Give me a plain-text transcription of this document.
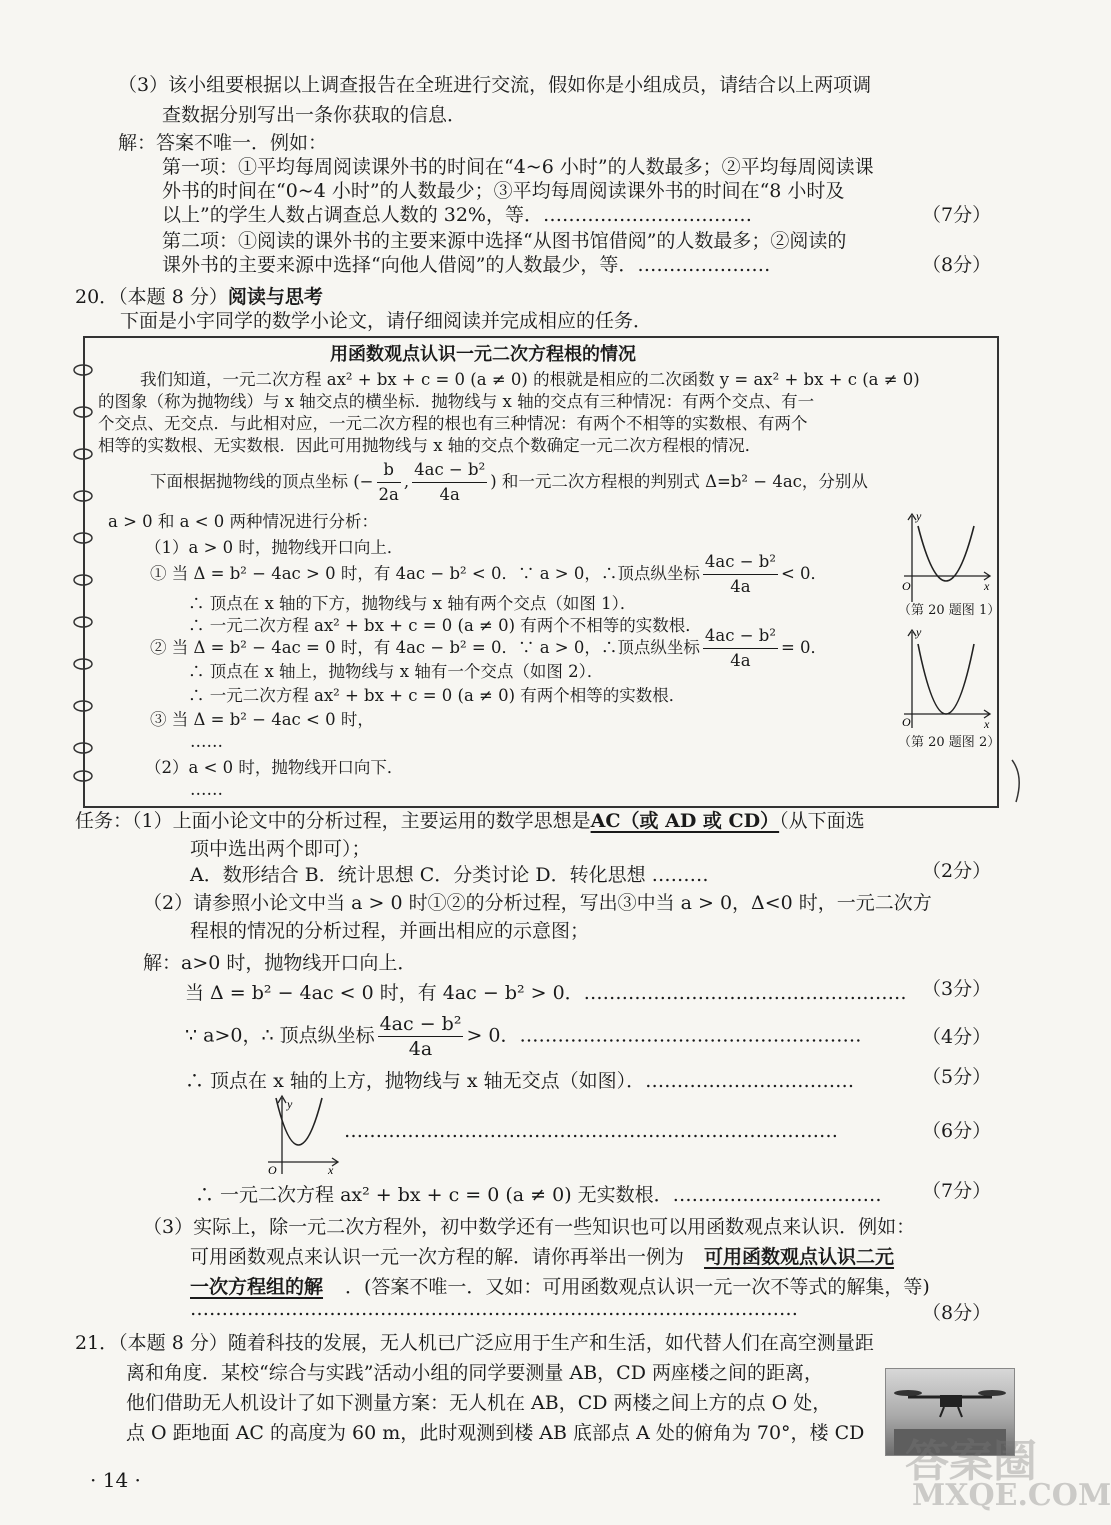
（3）该小组要根据以上调查报告在全班进行交流，假如你是小组成员，请结合以上两项调
查数据分别写出一条你获取的信息．
解：答案不唯一．例如：
第一项：①平均每周阅读课外书的时间在“4~6 小时”的人数最多；②平均每周阅读课
外书的时间在“0~4 小时”的人数最少；③平均每周阅读课外书的时间在“8 小时及
以上”的学生人数占调查总人数的 32%，等．……………………………	（7分）
第二项：①阅读的课外书的主要来源中选择“从图书馆借阅”的人数最多；②阅读的
课外书的主要来源中选择“向他人借阅”的人数最少，等．…………………	（8分）
20．（本题 8 分）阅读与思考
下面是小宇同学的数学小论文，请仔细阅读并完成相应的任务．
用函数观点认识一元二次方程根的情况
我们知道，一元二次方程 ax² + bx + c = 0 (a ≠ 0) 的根就是相应的二次函数 y = ax² + bx + c (a ≠ 0)
的图象（称为抛物线）与 x 轴交点的横坐标．抛物线与 x 轴的交点有三种情况：有两个交点、有一
个交点、无交点．与此相对应，一元二次方程的根也有三种情况：有两个不相等的实数根、有两个
相等的实数根、无实数根．因此可用抛物线与 x 轴的交点个数确定一元二次方程根的情况．
下面根据抛物线的顶点坐标 (− $\frac{b}{2a}$ , $\frac{\text{4ac − b²}}{4a}$ ) 和一元二次方程根的判别式 Δ=b² − 4ac，分别从
a > 0 和 a < 0 两种情况进行分析：
（1）a > 0 时，抛物线开口向上．
① 当 Δ = b² − 4ac > 0 时，有 4ac − b² < 0．∵ a > 0，∴顶点纵坐标 $\frac{\text{4ac − b²}}{4a} < 0$．
∴ 顶点在 x 轴的下方，抛物线与 x 轴有两个交点（如图 1）．
∴ 一元二次方程 ax² + bx + c = 0 (a ≠ 0) 有两个不相等的实数根．
② 当 Δ = b² − 4ac = 0 时，有 4ac − b² = 0．∵ a > 0，∴顶点纵坐标 $\frac{\text{4ac − b²}}{4a} = 0$．
∴ 顶点在 x 轴上，抛物线与 x 轴有一个交点（如图 2）．
∴ 一元二次方程 ax² + bx + c = 0 (a ≠ 0) 有两个相等的实数根．
③ 当 Δ = b² − 4ac < 0 时，
……
（2）a < 0 时，抛物线开口向下．
……
y
x
O
（第 20 题图 1）
y
x
O
（第 20 题图 2）
任务：（1）上面小论文中的分析过程，主要运用的数学思想是AC（或 AD 或 CD）（从下面选
项中选出两个即可）；
A．数形结合 B．统计思想 C．分类讨论 D．转化思想 ………	（2分）
（2）请参照小论文中当 a > 0 时①②的分析过程，写出③中当 a > 0，Δ<0 时，一元二次方
程根的情况的分析过程，并画出相应的示意图；
解：a>0 时，抛物线开口向上．
当 Δ = b² − 4ac < 0 时，有 4ac − b² > 0．…………………………………………… （3分）
∵ a>0，∴ 顶点纵坐标 $\frac{\text{4ac − b²}}{4a} > 0$．………………………………………………	（4分）
∴ 顶点在 x 轴的上方，抛物线与 x 轴无交点（如图）．……………………………	（5分）
y
x
O
……………………………………………………………………	（6分）
∴ 一元二次方程 ax² + bx + c = 0 (a ≠ 0) 无实数根．…………………………… （7分）
（3）实际上，除一元二次方程外，初中数学还有一些知识也可以用函数观点来认识．例如：
可用函数观点来认识一元一次方程的解．请你再举出一例为 可用函数观点认识二元
一次方程组的解 ．(答案不唯一．又如：可用函数观点认识一元一次不等式的解集，等)
……………………………………………………………………………………	（8分）
21．（本题 8 分）随着科技的发展，无人机已广泛应用于生产和生活，如代替人们在高空测量距
离和角度．某校“综合与实践”活动小组的同学要测量 AB，CD 两座楼之间的距离，
他们借助无人机设计了如下测量方案：无人机在 AB，CD 两楼之间上方的点 O 处，
点 O 距地面 AC 的高度为 60 m，此时观测到楼 AB 底部点 A 处的俯角为 70°，楼 CD
· 14 ·	答案圈
MXQE.COM
